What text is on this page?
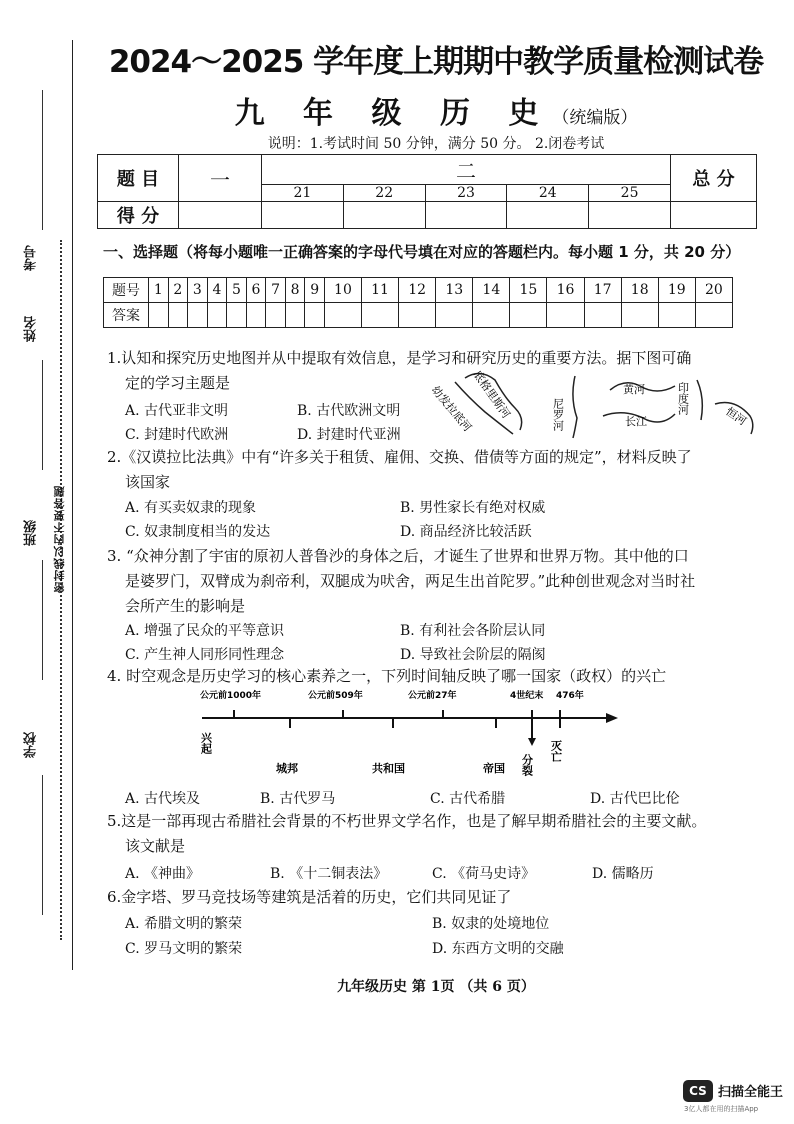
考号
姓名
班级
学校
密封线以内不要答题
2024～2025 学年度上期期中教学质量检测试卷
九 年 级 历 史（统编版）
说明：1.考试时间 50 分钟，满分 50 分。 2.闭卷考试
题 目	一	二					总 分
		21	22	23	24	25	
得 分							
一、选择题（将每小题唯一正确答案的字母代号填在对应的答题栏内。每小题 1 分，共 20 分）
题号	1	2	3	4	5	6	7	8	9	10	11	12	13	14	15	16	17	18	19	20
答案																				
1.认知和探究历史地图并从中提取有效信息，是学习和研究历史的重要方法。据下图可确
定的学习主题是
A. 古代亚非文明	B. 古代欧洲文明
C. 封建时代欧洲	D. 封建时代亚洲
幼发拉底河
底格里斯河	尼罗河
黄河
长江
印度河
恒河
2.《汉谟拉比法典》中有“许多关于租赁、雇佣、交换、借债等方面的规定”，材料反映了
该国家
A. 有买卖奴隶的现象	B. 男性家长有绝对权威
C. 奴隶制度相当的发达	D. 商品经济比较活跃
3. “众神分割了宇宙的原初人普鲁沙的身体之后，才诞生了世界和世界万物。其中他的口
是婆罗门，双臂成为刹帝利，双腿成为吠舍，两足生出首陀罗。”此种创世观念对当时社
会所产生的影响是
A. 增强了民众的平等意识	B. 有利社会各阶层认同
C. 产生神人同形同性理念	D. 导致社会阶层的隔阂
4. 时空观念是历史学习的核心素养之一，下列时间轴反映了哪一国家（政权）的兴亡
公元前1000年	公元前509年	公元前27年	4世纪末 476年
兴起
城邦	共和国	帝国 分裂
灭亡
A. 古代埃及	B. 古代罗马	C. 古代希腊	D. 古代巴比伦
5.这是一部再现古希腊社会背景的不朽世界文学名作，也是了解早期希腊社会的主要文献。
该文献是
A. 《神曲》	B. 《十二铜表法》	C. 《荷马史诗》	D. 儒略历
6.金字塔、罗马竞技场等建筑是活着的历史，它们共同见证了
A. 希腊文明的繁荣	B. 奴隶的处境地位
C. 罗马文明的繁荣	D. 东西方文明的交融
九年级历史 第 1页 （共 6 页）
CS 扫描全能王
3亿人都在用的扫描App
